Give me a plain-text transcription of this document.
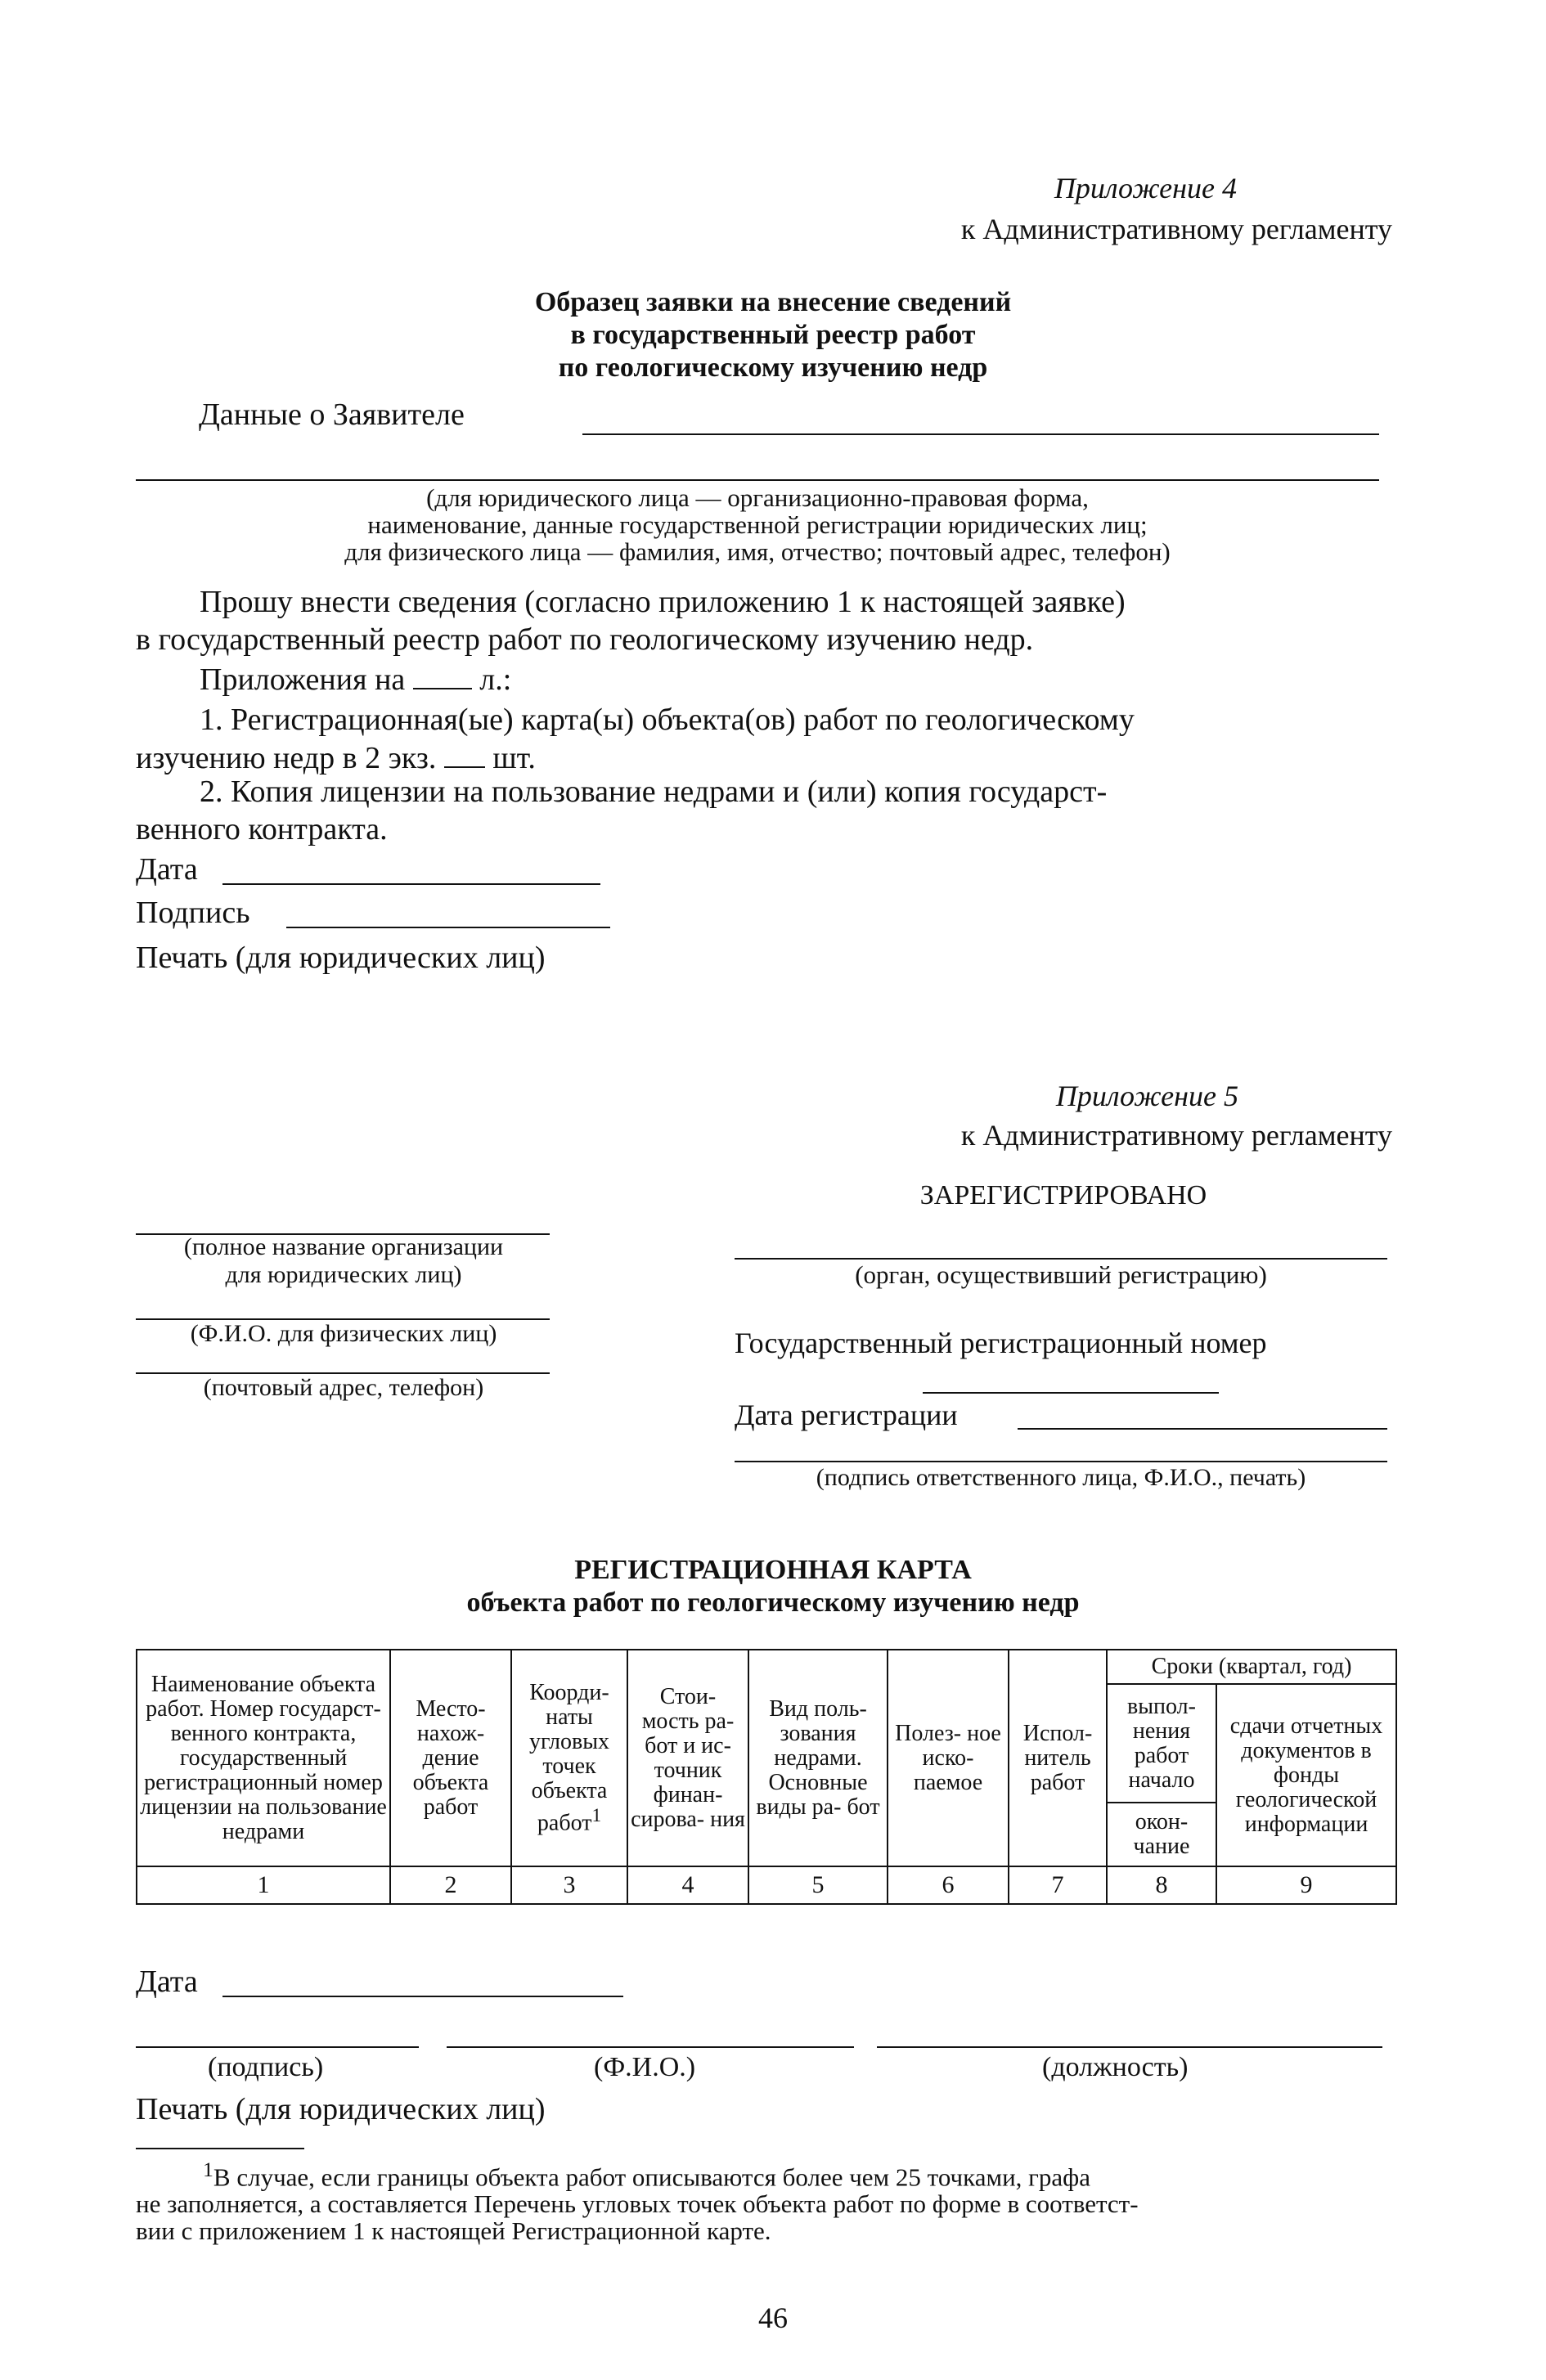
Приложение 4
к Административному регламенту
Образец заявки на внесение сведений
в государственный реестр работ
по геологическому изучению недр
Данные о Заявителе
(для юридического лица — организационно-правовая форма,
наименование, данные государственной регистрации юридических лиц;
для физического лица — фамилия, имя, отчество; почтовый адрес, телефон)
Прошу внести сведения (согласно приложению 1 к настоящей заявке)
в государственный реестр работ по геологическому изучению недр.
Приложения на л.:
1. Регистрационная(ые) карта(ы) объекта(ов) работ по геологическому
изучению недр в 2 экз. шт.
2. Копия лицензии на пользование недрами и (или) копия государст-
венного контракта.
Дата
Подпись
Печать (для юридических лиц)
Приложение 5
к Административному регламенту
ЗАРЕГИСТРИРОВАНО
(полное название организации
для юридических лиц)
(Ф.И.О. для физических лиц)
(почтовый адрес, телефон)
(орган, осуществивший регистрацию)
Государственный регистрационный номер
Дата регистрации
(подпись ответственного лица, Ф.И.О., печать)
РЕГИСТРАЦИОННАЯ КАРТА
объекта работ по геологическому изучению недр
Наименование объекта работ. Номер государст- венного контракта, государственный регистрационный номер лицензии на пользование недрами	Место- нахож- дение объекта работ	Коорди- наты угловых точек объекта работ$^1$	Стои- мость ра- бот и ис- точник финан- сирова- ния	Вид поль- зования недрами. Основные виды ра- бот	Полез- ное иско- паемое	Испол- нитель работ	Сроки (квартал, год)	
							выпол- нения работ начало	сдачи отчетных документов в фонды геологической информации
							окон- чание	
1	2	3	4	5	6	7	8	9
Дата
(подпись)	(Ф.И.О.)	(должность)
Печать (для юридических лиц)
$^1$В случае, если границы объекта работ описываются более чем 25 точками, графа
не заполняется, а составляется Перечень угловых точек объекта работ по форме в соответст-
вии с приложением 1 к настоящей Регистрационной карте.
46
